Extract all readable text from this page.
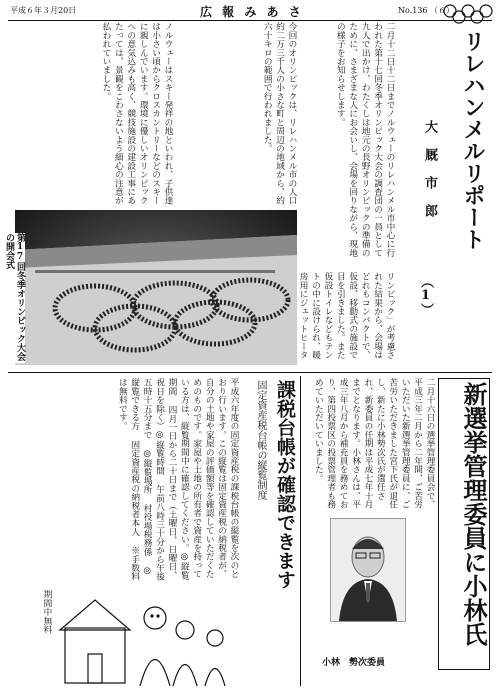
平成６年３月20日	広 報 み あ さ	No.136 （６）
リレハンメルリポート
大 厩 市 郎
（1）
二月十二日十二日までノルウェーのリレハンメル市中心に行われた第十七回冬季オリンピック大会の調査団の一員として九人で出かけ、わたくしは地元の長野オリンピックの準備のために、さまざまな人にお会いし、会場を回りながら、現地の様子をお知らせします。
今回のオリンピックは、リレハンメル市の人口約二万三千人の小さな町と周辺の地域から、約六十キロの範囲で行われました。
ノルウェーはスキー発祥の地といわれ、子供達は小さい頃からクロスカントリーなどのスキーに親しんでいます。環境に優しいオリンピックへの意気込みも高く、競技施設の建設工事にあたっては、景観をこわさないよう細心の注意が払われていました。
リンピック」が考慮された結果から、会場はどれもコンパクトで、仮設、移動式の施設で目を引きました。また仮設トイレなどもテントの中に設けられ、暖房用にジェットヒータ
第17回冬季オリンピック大会の開会式
新選挙管理委員に小林氏
二月十六日の選挙管理委員会で、平成三年二月から二年間、ご苦労いただいた新選挙管理委員に、ご苦労いただきました宮下氏が退任し、新たに小林勢次氏が選任され、新委員の任期は平成七年十月までとなります。小林さんは、平成三年八月から補充員を務めており、第四投票区の投票管理者も務めていただいていました。
小林　勢次委員
課税台帳が確認できます
固定資産税台帳の縦覧制度
平成六年度の固定資産税の課税台帳の縦覧を次のとおり行います。この縦覧は固定資産税の納税者が、自分の土地や家屋の評価額等を確認していただくためのものです。家屋や土地の所有者で資産を持っている方は、縦覧期間中に確認してください。◎縦覧期間 四月一日から二十日まで（土曜日、日曜日、祝日を除く）◎縦覧時間 午前八時三十分から午後五時十五分まで ◎縦覧場所 村役場税務係 ◎縦覧できる方 固定資産税の納税者本人 ※手数料は無料です。
期間中無料
